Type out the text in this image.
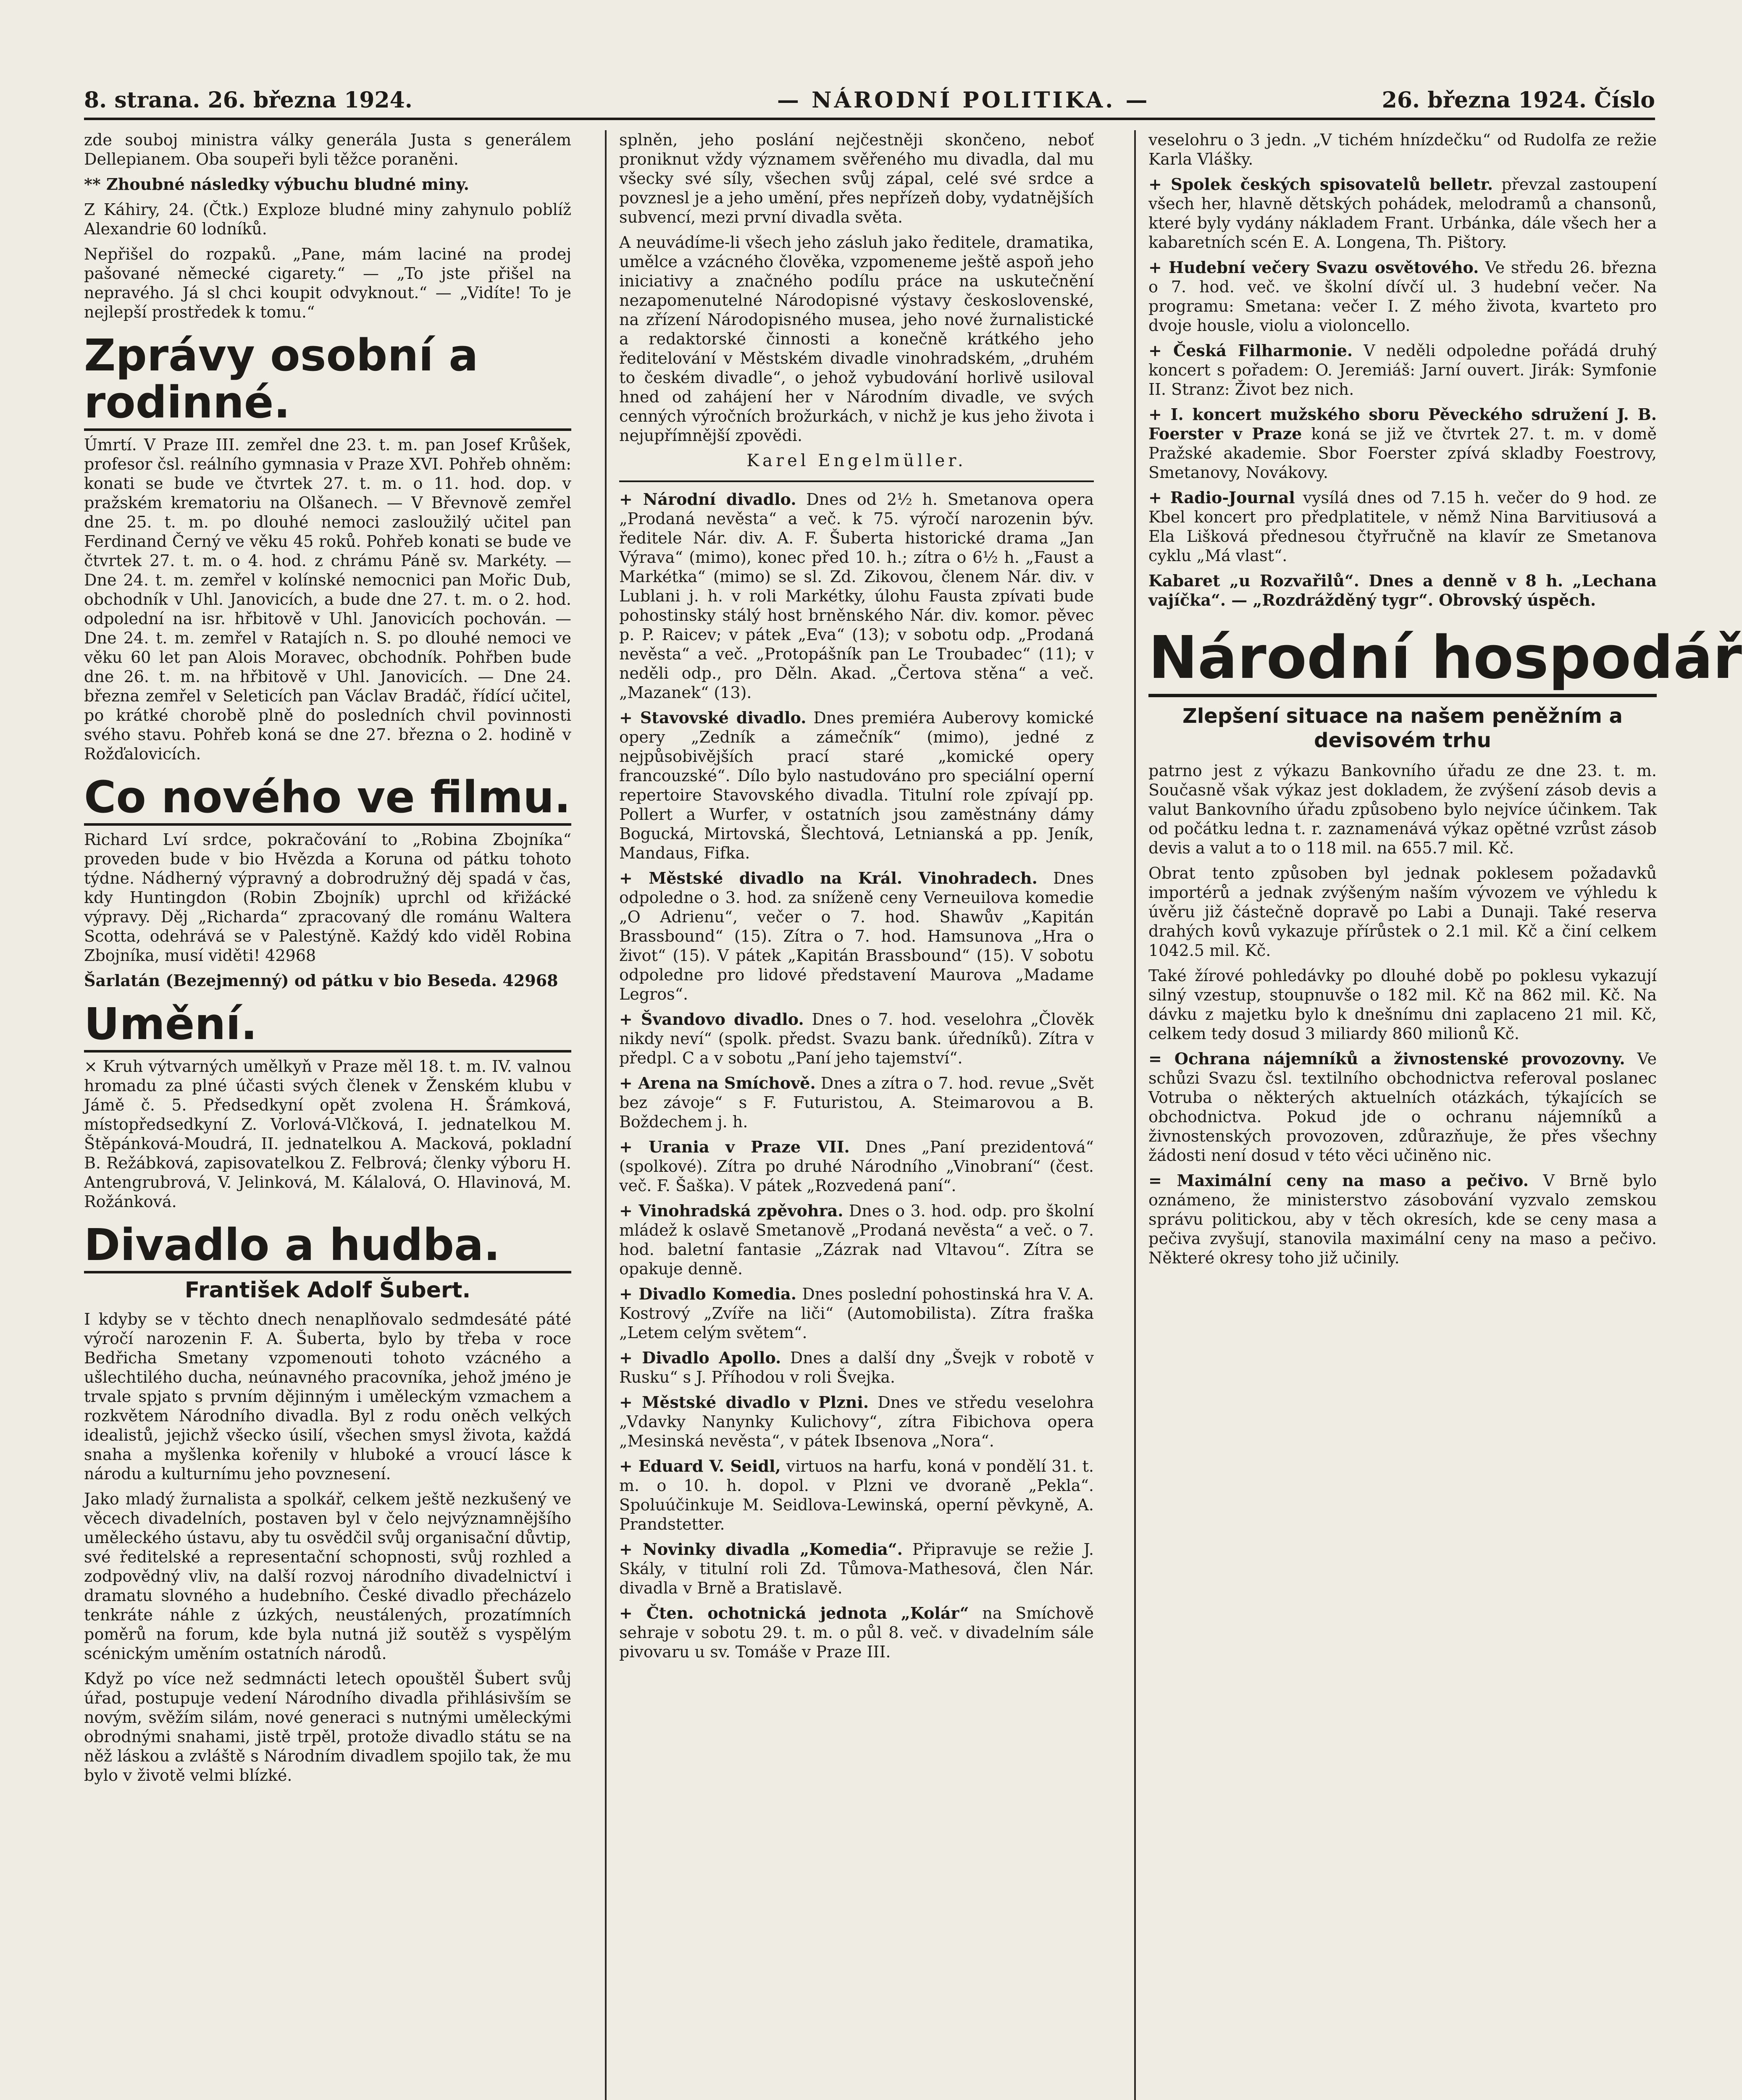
8. strana. 26. března 1924.	— NÁRODNÍ POLITIKA. —	26. března 1924. Číslo

zde souboj ministra války generála Justa s generálem Dellepianem. Oba soupeři byli těžce poraněni.

** Zhoubné následky výbuchu bludné miny.

Z Káhiry, 24. (Čtk.) Exploze bludné miny zahynulo poblíž Alexandrie 60 lodníků.

Nepřišel do rozpaků. „Pane, mám laciné na prodej pašované německé cigarety.“ — „To jste přišel na nepravého. Já sl chci koupit odvyknout.“ — „Vidíte! To je nejlepší prostředek k tomu.“

Zprávy osobní a rodinné.

Úmrtí. V Praze III. zemřel dne 23. t. m. pan Josef Krůšek, profesor čsl. reálního gymnasia v Praze XVI. Pohřeb ohněm: konati se bude ve čtvrtek 27. t. m. o 11. hod. dop. v pražském krematoriu na Olšanech. — V Břevnově zemřel dne 25. t. m. po dlouhé nemoci zasloužilý učitel pan Ferdinand Černý ve věku 45 roků. Pohřeb konati se bude ve čtvrtek 27. t. m. o 4. hod. z chrámu Páně sv. Markéty. — Dne 24. t. m. zemřel v kolínské nemocnici pan Mořic Dub, obchodník v Uhl. Janovicích, a bude dne 27. t. m. o 2. hod. odpolední na isr. hřbitově v Uhl. Janovicích pochován. — Dne 24. t. m. zemřel v Ratajích n. S. po dlouhé nemoci ve věku 60 let pan Alois Moravec, obchodník. Pohřben bude dne 26. t. m. na hřbitově v Uhl. Janovicích. — Dne 24. března zemřel v Seleticích pan Václav Bradáč, řídící učitel, po krátké chorobě plně do posledních chvil povinnosti svého stavu. Pohřeb koná se dne 27. března o 2. hodině v Rožďalovicích.

Co nového ve filmu.

Richard Lví srdce, pokračování to „Robina Zbojníka“ proveden bude v bio Hvězda a Koruna od pátku tohoto týdne. Nádherný výpravný a dobrodružný děj spadá v čas, kdy Huntingdon (Robin Zbojník) uprchl od křižácké výpravy. Děj „Richarda“ zpracovaný dle románu Waltera Scotta, odehrává se v Palestýně. Každý kdo viděl Robina Zbojníka, musí viděti! 42968

Šarlatán (Bezejmenný) od pátku v bio Beseda. 42968

Umění.

× Kruh výtvarných umělkyň v Praze měl 18. t. m. IV. valnou hromadu za plné účasti svých členek v Ženském klubu v Jámě č. 5. Předsedkyní opět zvolena H. Šrámková, místopředsedkyní Z. Vorlová-Vlčková, I. jednatelkou M. Štěpánková-Moudrá, II. jednatelkou A. Macková, pokladní B. Režábková, zapisovatelkou Z. Felbrová; členky výboru H. Antengrubrová, V. Jelinková, M. Kálalová, O. Hlavinová, M. Rožánková.

Divadlo a hudba.
František Adolf Šubert.

I kdyby se v těchto dnech nenaplňovalo sedmdesáté páté výročí narozenin F. A. Šuberta, bylo by třeba v roce Bedřicha Smetany vzpomenouti tohoto vzácného a ušlechtilého ducha, neúnavného pracovníka, jehož jméno je trvale spjato s prvním dějinným i uměleckým vzmachem a rozkvětem Národního divadla. Byl z rodu oněch velkých idealistů, jejichž všecko úsilí, všechen smysl života, každá snaha a myšlenka kořenily v hluboké a vroucí lásce k národu a kulturnímu jeho povznesení.

Jako mladý žurnalista a spolkář, celkem ještě nezkušený ve věcech divadelních, postaven byl v čelo nejvýznamnějšího uměleckého ústavu, aby tu osvědčil svůj organisační důvtip, své ředitelské a representační schopnosti, svůj rozhled a zodpovědný vliv, na další rozvoj národního divadelnictví i dramatu slovného a hudebního. České divadlo přecházelo tenkráte náhle z úzkých, neustálených, prozatímních poměrů na forum, kde byla nutná již soutěž s vyspělým scénickým uměním ostatních národů.

Když po více než sedmnácti letech opouštěl Šubert svůj úřad, postupuje vedení Národního divadla přihlásivším se novým, svěžím silám, nové generaci s nutnými uměleckými obrodnými snahami, jistě trpěl, protože divadlo státu se na něž láskou a zvláště s Národním divadlem spojilo tak, že mu bylo v životě velmi blízké.

splněn, jeho poslání nejčestněji skončeno, neboť proniknut vždy významem svěřeného mu divadla, dal mu všecky své síly, všechen svůj zápal, celé své srdce a povznesl je a jeho umění, přes nepřízeň doby, vydatnějších subvencí, mezi první divadla světa.

A neuvádíme-li všech jeho zásluh jako ředitele, dramatika, umělce a vzácného člověka, vzpomeneme ještě aspoň jeho iniciativy a značného podílu práce na uskutečnění nezapomenutelné Národopisné výstavy československé, na zřízení Národopisného musea, jeho nové žurnalistické a redaktorské činnosti a konečně krátkého jeho ředitelování v Městském divadle vinohradském, „druhém to českém divadle“, o jehož vybudování horlivě usiloval hned od zahájení her v Národním divadle, ve svých cenných výročních brožurkách, v nichž je kus jeho života i nejupřímnější zpovědi.

Karel Engelmüller.

+ Národní divadlo. Dnes od 2½ h. Smetanova opera „Prodaná nevěsta“ a več. k 75. výročí narozenin býv. ředitele Nár. div. A. F. Šuberta historické drama „Jan Výrava“ (mimo), konec před 10. h.; zítra o 6½ h. „Faust a Markétka“ (mimo) se sl. Zd. Zikovou, členem Nár. div. v Lublani j. h. v roli Markétky, úlohu Fausta zpívati bude pohostinsky stálý host brněnského Nár. div. komor. pěvec p. P. Raicev; v pátek „Eva“ (13); v sobotu odp. „Prodaná nevěsta“ a več. „Protopášník pan Le Troubadec“ (11); v neděli odp., pro Děln. Akad. „Čertova stěna“ a več. „Mazanek“ (13).

+ Stavovské divadlo. Dnes premiéra Auberovy komické opery „Zedník a zámečník“ (mimo), jedné z nejpůsobivějších prací staré „komické opery francouzské“. Dílo bylo nastudováno pro speciální operní repertoire Stavovského divadla. Titulní role zpívají pp. Pollert a Wurfer, v ostatních jsou zaměstnány dámy Bogucká, Mirtovská, Šlechtová, Letnianská a pp. Jeník, Mandaus, Fifka.

+ Městské divadlo na Král. Vinohradech. Dnes odpoledne o 3. hod. za sníženě ceny Verneuilova komedie „O Adrienu“, večer o 7. hod. Shawův „Kapitán Brassbound“ (15). Zítra o 7. hod. Hamsunova „Hra o život“ (15). V pátek „Kapitán Brassbound“ (15). V sobotu odpoledne pro lidové představení Maurova „Madame Legros“.

+ Švandovo divadlo. Dnes o 7. hod. veselohra „Člověk nikdy neví“ (spolk. předst. Svazu bank. úředníků). Zítra v předpl. C a v sobotu „Paní jeho tajemství“.

+ Arena na Smíchově. Dnes a zítra o 7. hod. revue „Svět bez závoje“ s F. Futuristou, A. Steimarovou a B. Boždechem j. h.

+ Urania v Praze VII. Dnes „Paní prezidentová“ (spolkové). Zítra po druhé Národního „Vinobraní“ (čest. več. F. Šaška). V pátek „Rozvedená paní“.

+ Vinohradská zpěvohra. Dnes o 3. hod. odp. pro školní mládež k oslavě Smetanově „Prodaná nevěsta“ a več. o 7. hod. baletní fantasie „Zázrak nad Vltavou“. Zítra se opakuje denně.

+ Divadlo Komedia. Dnes poslední pohostinská hra V. A. Kostrový „Zvíře na liči“ (Automobilista). Zítra fraška „Letem celým světem“.

+ Divadlo Apollo. Dnes a další dny „Švejk v robotě v Rusku“ s J. Příhodou v roli Švejka.

+ Městské divadlo v Plzni. Dnes ve středu veselohra „Vdavky Nanynky Kulichovy“, zítra Fibichova opera „Mesinská nevěsta“, v pátek Ibsenova „Nora“.

+ Eduard V. Seidl, virtuos na harfu, koná v pondělí 31. t. m. o 10. h. dopol. v Plzni ve dvoraně „Pekla“. Spoluúčinkuje M. Seidlova-Lewinská, operní pěvkyně, A. Prandstetter.

+ Novinky divadla „Komedia“. Připravuje se režie J. Skály, v titulní roli Zd. Tůmova-Mathesová, člen Nár. divadla v Brně a Bratislavě.

+ Čten. ochotnická jednota „Kolár“ na Smíchově sehraje v sobotu 29. t. m. o půl 8. več. v divadelním sále pivovaru u sv. Tomáše v Praze III.

veselohru o 3 jedn. „V tichém hnízdečku“ od Rudolfa ze režie Karla Vlášky.

+ Spolek českých spisovatelů belletr. převzal zastoupení všech her, hlavně dětských pohádek, melodramů a chansonů, které byly vydány nákladem Frant. Urbánka, dále všech her a kabaretních scén E. A. Longena, Th. Pištory.

+ Hudební večery Svazu osvětového. Ve středu 26. března o 7. hod. več. ve školní dívčí ul. 3 hudební večer. Na programu: Smetana: večer I. Z mého života, kvarteto pro dvoje housle, violu a violoncello.

+ Česká Filharmonie. V neděli odpoledne pořádá druhý koncert s pořadem: O. Jeremiáš: Jarní ouvert. Jirák: Symfonie II. Stranz: Život bez nich.

+ I. koncert mužského sboru Pěveckého sdružení J. B. Foerster v Praze koná se již ve čtvrtek 27. t. m. v domě Pražské akademie. Sbor Foerster zpívá skladby Foestrovy, Smetanovy, Novákovy.

+ Radio-Journal vysílá dnes od 7.15 h. večer do 9 hod. ze Kbel koncert pro předplatitele, v němž Nina Barvitiusová a Ela Lišková přednesou čtyřručně na klavír ze Smetanova cyklu „Má vlast“.

Kabaret „u Rozvařilů“. Dnes a denně v 8 h. „Lechana vajíčka“. — „Rozdrážděný tygr“. Obrovský úspěch.

Národní hospodář
Zlepšení situace na našem peněžním a devisovém trhu

patrno jest z výkazu Bankovního úřadu ze dne 23. t. m. Současně však výkaz jest dokladem, že zvýšení zásob devis a valut Bankovního úřadu způsobeno bylo nejvíce účinkem. Tak od počátku ledna t. r. zaznamenává výkaz opětné vzrůst zásob devis a valut a to o 118 mil. na 655.7 mil. Kč.

Obrat tento způsoben byl jednak poklesem požadavků importérů a jednak zvýšeným naším vývozem ve výhledu k úvěru již částečně dopravě po Labi a Dunaji. Také reserva drahých kovů vykazuje přírůstek o 2.1 mil. Kč a činí celkem 1042.5 mil. Kč.

Také žírové pohledávky po dlouhé době po poklesu vykazují silný vzestup, stoupnuvše o 182 mil. Kč na 862 mil. Kč. Na dávku z majetku bylo k dnešnímu dni zaplaceno 21 mil. Kč, celkem tedy dosud 3 miliardy 860 milionů Kč.

= Ochrana nájemníků a živnostenské provozovny. Ve schůzi Svazu čsl. textilního obchodnictva referoval poslanec Votruba o některých aktuelních otázkách, týkajících se obchodnictva. Pokud jde o ochranu nájemníků a živnostenských provozoven, zdůrazňuje, že přes všechny žádosti není dosud v této věci učiněno nic.

= Maximální ceny na maso a pečivo. V Brně bylo oznámeno, že ministerstvo zásobování vyzvalo zemskou správu politickou, aby v těch okresích, kde se ceny masa a pečiva zvyšují, stanovila maximální ceny na maso a pečivo. Některé okresy toho již učinily.
